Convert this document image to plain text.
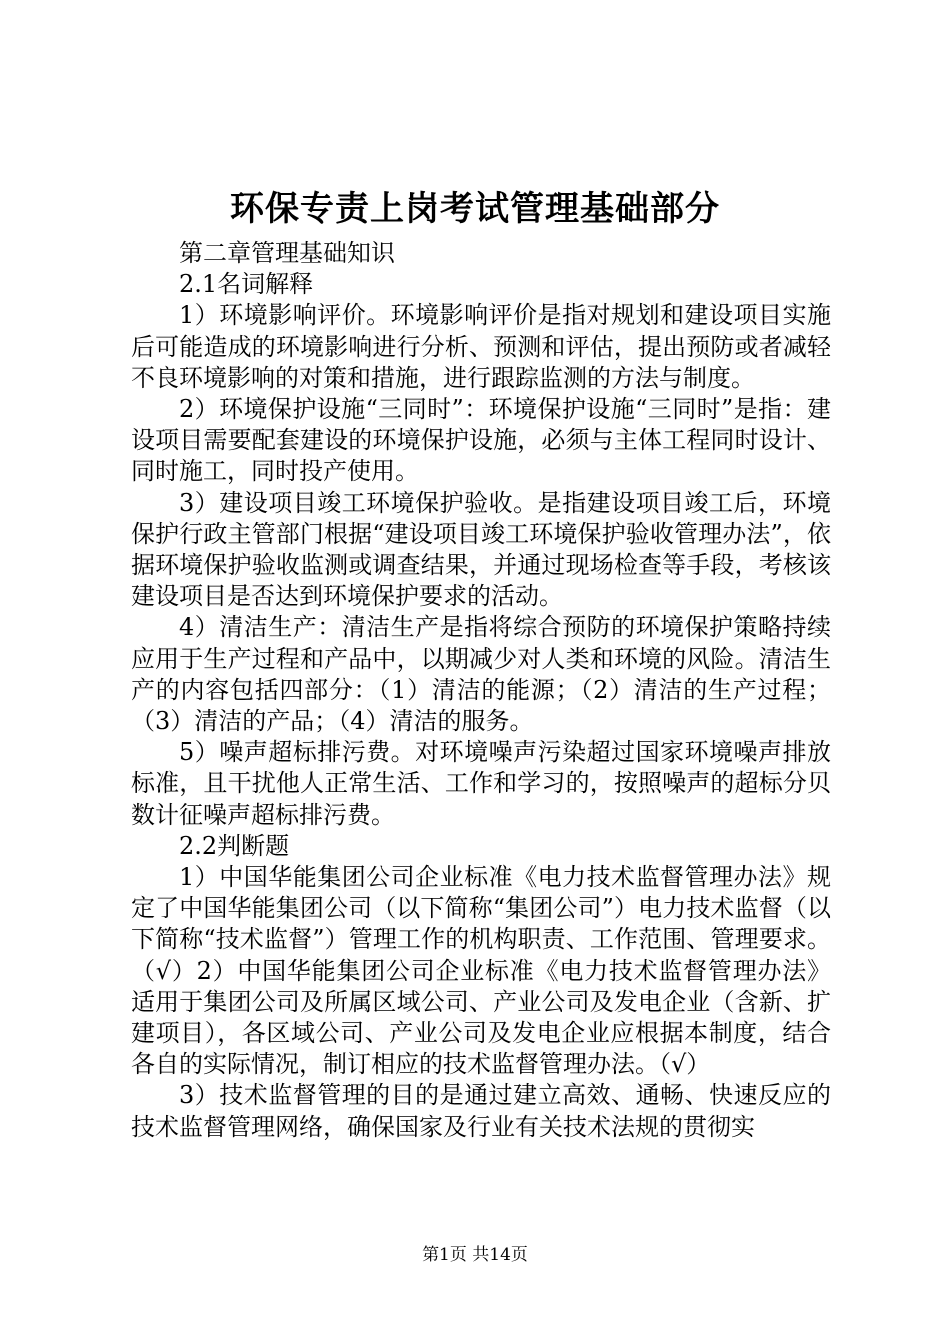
环保专责上岗考试管理基础部分

第二章管理基础知识

2.1名词解释

1）环境影响评价。环境影响评价是指对规划和建设项目实施后可能造成的环境影响进行分析、预测和评估，提出预防或者减轻不良环境影响的对策和措施，进行跟踪监测的方法与制度。

2）环境保护设施“三同时”：环境保护设施“三同时”是指：建设项目需要配套建设的环境保护设施，必须与主体工程同时设计、同时施工，同时投产使用。

3）建设项目竣工环境保护验收。是指建设项目竣工后，环境保护行政主管部门根据“建设项目竣工环境保护验收管理办法”，依据环境保护验收监测或调查结果，并通过现场检查等手段，考核该建设项目是否达到环境保护要求的活动。

4）清洁生产：清洁生产是指将综合预防的环境保护策略持续应用于生产过程和产品中，以期减少对人类和环境的风险。清洁生产的内容包括四部分：（1）清洁的能源；（2）清洁的生产过程；（3）清洁的产品；（4）清洁的服务。

5）噪声超标排污费。对环境噪声污染超过国家环境噪声排放标准，且干扰他人正常生活、工作和学习的，按照噪声的超标分贝数计征噪声超标排污费。

2.2判断题

1）中国华能集团公司企业标准《电力技术监督管理办法》规定了中国华能集团公司（以下简称“集团公司”）电力技术监督（以下简称“技术监督”）管理工作的机构职责、工作范围、管理要求。（√）2）中国华能集团公司企业标准《电力技术监督管理办法》适用于集团公司及所属区域公司、产业公司及发电企业（含新、扩建项目），各区域公司、产业公司及发电企业应根据本制度，结合各自的实际情况，制订相应的技术监督管理办法。（√）

3）技术监督管理的目的是通过建立高效、通畅、快速反应的技术监督管理网络，确保国家及行业有关技术法规的贯彻实

第1页 共14页
